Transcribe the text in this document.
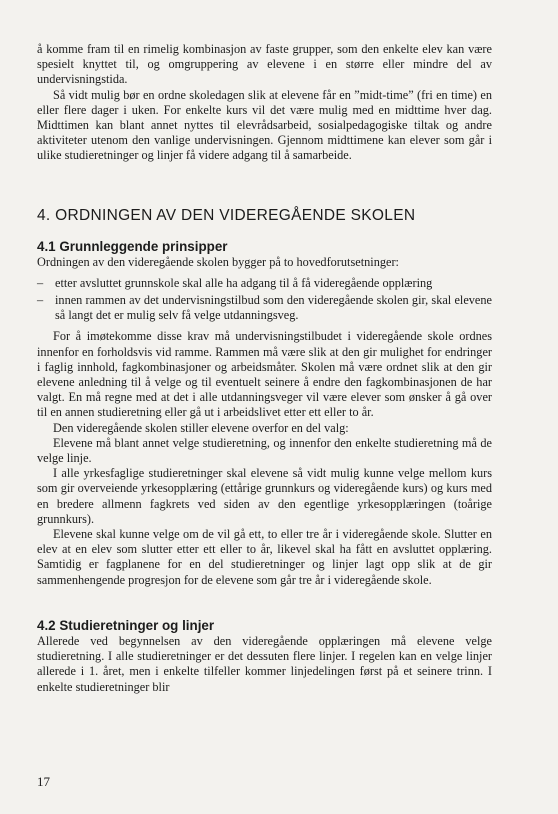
å komme fram til en rimelig kombinasjon av faste grupper, som den enkelte elev kan være spesielt knyttet til, og omgruppering av elevene i en større eller mindre del av undervisningstida.

Så vidt mulig bør en ordne skoledagen slik at elevene får en ”midt-time” (fri en time) en eller flere dager i uken. For enkelte kurs vil det være mulig med en midttime hver dag. Midttimen kan blant annet nyttes til elevrådsarbeid, sosialpedagogiske tiltak og andre aktiviteter utenom den vanlige undervisningen. Gjennom midttimene kan elever som går i ulike studieretninger og linjer få videre adgang til å samarbeide.

4. ORDNINGEN AV DEN VIDEREGÅENDE SKOLEN
4.1 Grunnleggende prinsipper

Ordningen av den videregående skolen bygger på to hovedforutsetninger:

– etter avsluttet grunnskole skal alle ha adgang til å få videregående opplæring
– innen rammen av det undervisningstilbud som den videregående skolen gir, skal elevene så langt det er mulig selv få velge utdanningsveg.

For å imøtekomme disse krav må undervisningstilbudet i videregående skole ordnes innenfor en forholdsvis vid ramme. Rammen må være slik at den gir mulighet for endringer i faglig innhold, fagkombinasjoner og arbeidsmåter. Skolen må være ordnet slik at den gir elevene anledning til å velge og til eventuelt seinere å endre den fagkombinasjonen de har valgt. En må regne med at det i alle utdanningsveger vil være elever som ønsker å gå over til en annen studieretning eller gå ut i arbeidslivet etter ett eller to år.

Den videregående skolen stiller elevene overfor en del valg:

Elevene må blant annet velge studieretning, og innenfor den enkelte studieretning må de velge linje.

I alle yrkesfaglige studieretninger skal elevene så vidt mulig kunne velge mellom kurs som gir overveiende yrkesopplæring (ettårige grunnkurs og videregående kurs) og kurs med en bredere allmenn fagkrets ved siden av den egentlige yrkesopplæringen (toårige grunnkurs).

Elevene skal kunne velge om de vil gå ett, to eller tre år i videregående skole. Slutter en elev at en elev som slutter etter ett eller to år, likevel skal ha fått en avsluttet opplæring. Samtidig er fagplanene for en del studieretninger og linjer lagt opp slik at de gir sammenhengende progresjon for de elevene som går tre år i videregående skole.

4.2 Studieretninger og linjer

Allerede ved begynnelsen av den videregående opplæringen må elevene velge studieretning. I alle studieretninger er det dessuten flere linjer. I regelen kan en velge linjer allerede i 1. året, men i enkelte tilfeller kommer linjedelingen først på et seinere trinn. I enkelte studieretninger blir

17
